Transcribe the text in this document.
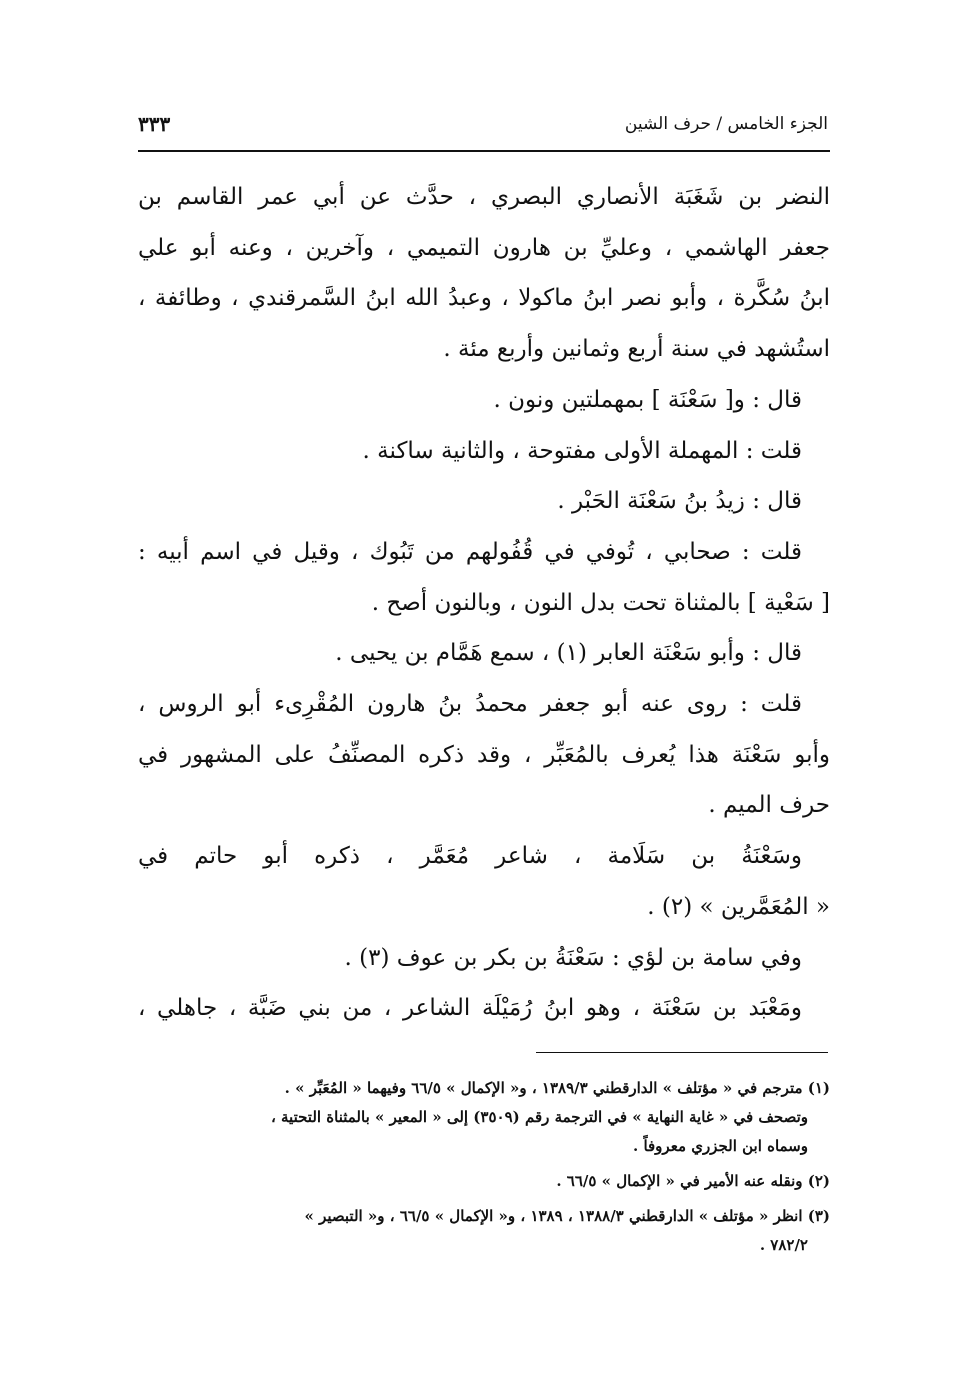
الجزء الخامس / حرف الشين
٣٣٣
النضر بن شَغَبَة الأنصاري البصري ، حدَّث عن أبي عمر القاسم بن
جعفر الهاشمي ، وعليِّ بن هارون التميمي ، وآخرين ، وعنه أبو علي
ابنُ سُكَّرة ، وأبو نصر ابنُ ماكولا ، وعبدُ الله ابنُ السَّمرقندي ، وطائفة ،
استُشهد في سنة أربع وثمانين وأربع مئة .
قال : و[ سَعْنَة ] بمهملتين ونون .
قلت : المهملة الأولى مفتوحة ، والثانية ساكنة .
قال : زيدُ بنُ سَعْنَة الحَبْر .
قلت : صحابي ، تُوفي في قُفُولهم من تَبُوك ، وقيل في اسم أبيه :
[ سَعْية ] بالمثناة تحت بدل النون ، وبالنون أصح .
قال : وأبو سَعْنَة العابر (١) ، سمع هَمَّام بن يحيى .
قلت : روى عنه أبو جعفر محمدُ بنُ هارون المُقْرِىء أبو الروس ،
وأبو سَعْنَة هذا يُعرف بالمُعَبِّر ، وقد ذكره المصنِّفُ على المشهور في
حرف الميم .
وسَعْنَةُ بن سَلَامة ، شاعر مُعَمَّر ، ذكره أبو حاتم في
« المُعَمَّرين » (٢) .
وفي سامة بن لؤي : سَعْنَةُ بن بكر بن عوف (٣) .
ومَعْبَد بن سَعْنَة ، وهو ابنُ رُمَيْلَة الشاعر ، من بني ضَبَّة ، جاهلي ،
(١) مترجم في « مؤتلف » الدارقطني ١٣٨٩/٣ ، و« الإكمال » ٦٦/٥ وفيهما « المُعَبِّر » .
وتصحف في « غاية النهاية » في الترجمة رقم (٣٥٠٩) إلى « المعير » بالمثناة التحتية ،
وسماه ابن الجزري معروفاً .
(٢) ونقله عنه الأمير في « الإكمال » ٦٦/٥ .
(٣) انظر « مؤتلف » الدارقطني ١٣٨٨/٣ ، ١٣٨٩ ، و« الإكمال » ٦٦/٥ ، و« التبصير »
٧٨٢/٢ .
